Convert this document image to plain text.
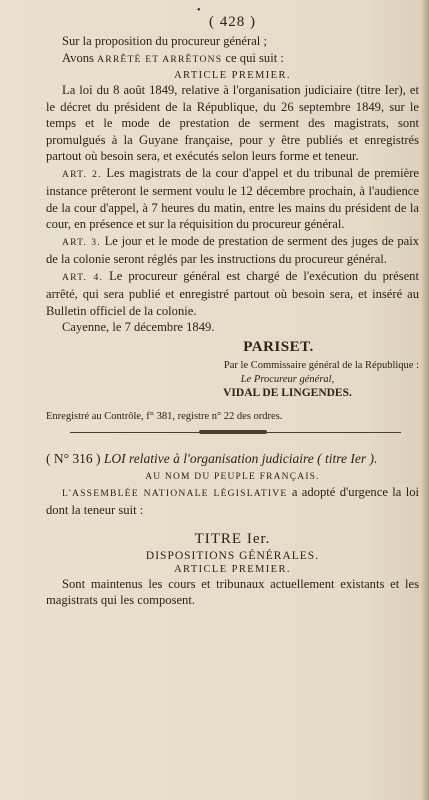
•

( 428 )

Sur la proposition du procureur général ;

Avons ARRÊTÉ ET ARRÊTONS ce qui suit :

ARTICLE PREMIER.

La loi du 8 août 1849, relative à l'organisation judiciaire (titre Ier), et le décret du président de la République, du 26 septembre 1849, sur le temps et le mode de prestation de serment des magistrats, sont promulgués à la Guyane française, pour y être publiés et enregistrés partout où besoin sera, et exécutés selon leurs forme et teneur.

ART. 2. Les magistrats de la cour d'appel et du tribunal de première instance prêteront le serment voulu le 12 décembre prochain, à l'audience de la cour d'appel, à 7 heures du matin, entre les mains du président de la cour, en présence et sur la réquisition du procureur général.

ART. 3. Le jour et le mode de prestation de serment des juges de paix de la colonie seront réglés par les instructions du procureur général.

ART. 4. Le procureur général est chargé de l'exécution du présent arrêté, qui sera publié et enregistré partout où besoin sera, et inséré au Bulletin officiel de la colonie.

Cayenne, le 7 décembre 1849.

PARISET.

Par le Commissaire général de la République :

Le Procureur général,

VIDAL DE LINGENDES.

Enregistré au Contrôle, f° 381, registre n° 22 des ordres.

( N° 316 ) LOI relative à l'organisation judiciaire ( titre Ier ).

AU NOM DU PEUPLE FRANÇAIS.

L'ASSEMBLÉE NATIONALE LÉGISLATIVE a adopté d'urgence la loi dont la teneur suit :

TITRE Ier.

DISPOSITIONS GÉNÉRALES.

ARTICLE PREMIER.

Sont maintenus les cours et tribunaux actuellement existants et les magistrats qui les composent.
